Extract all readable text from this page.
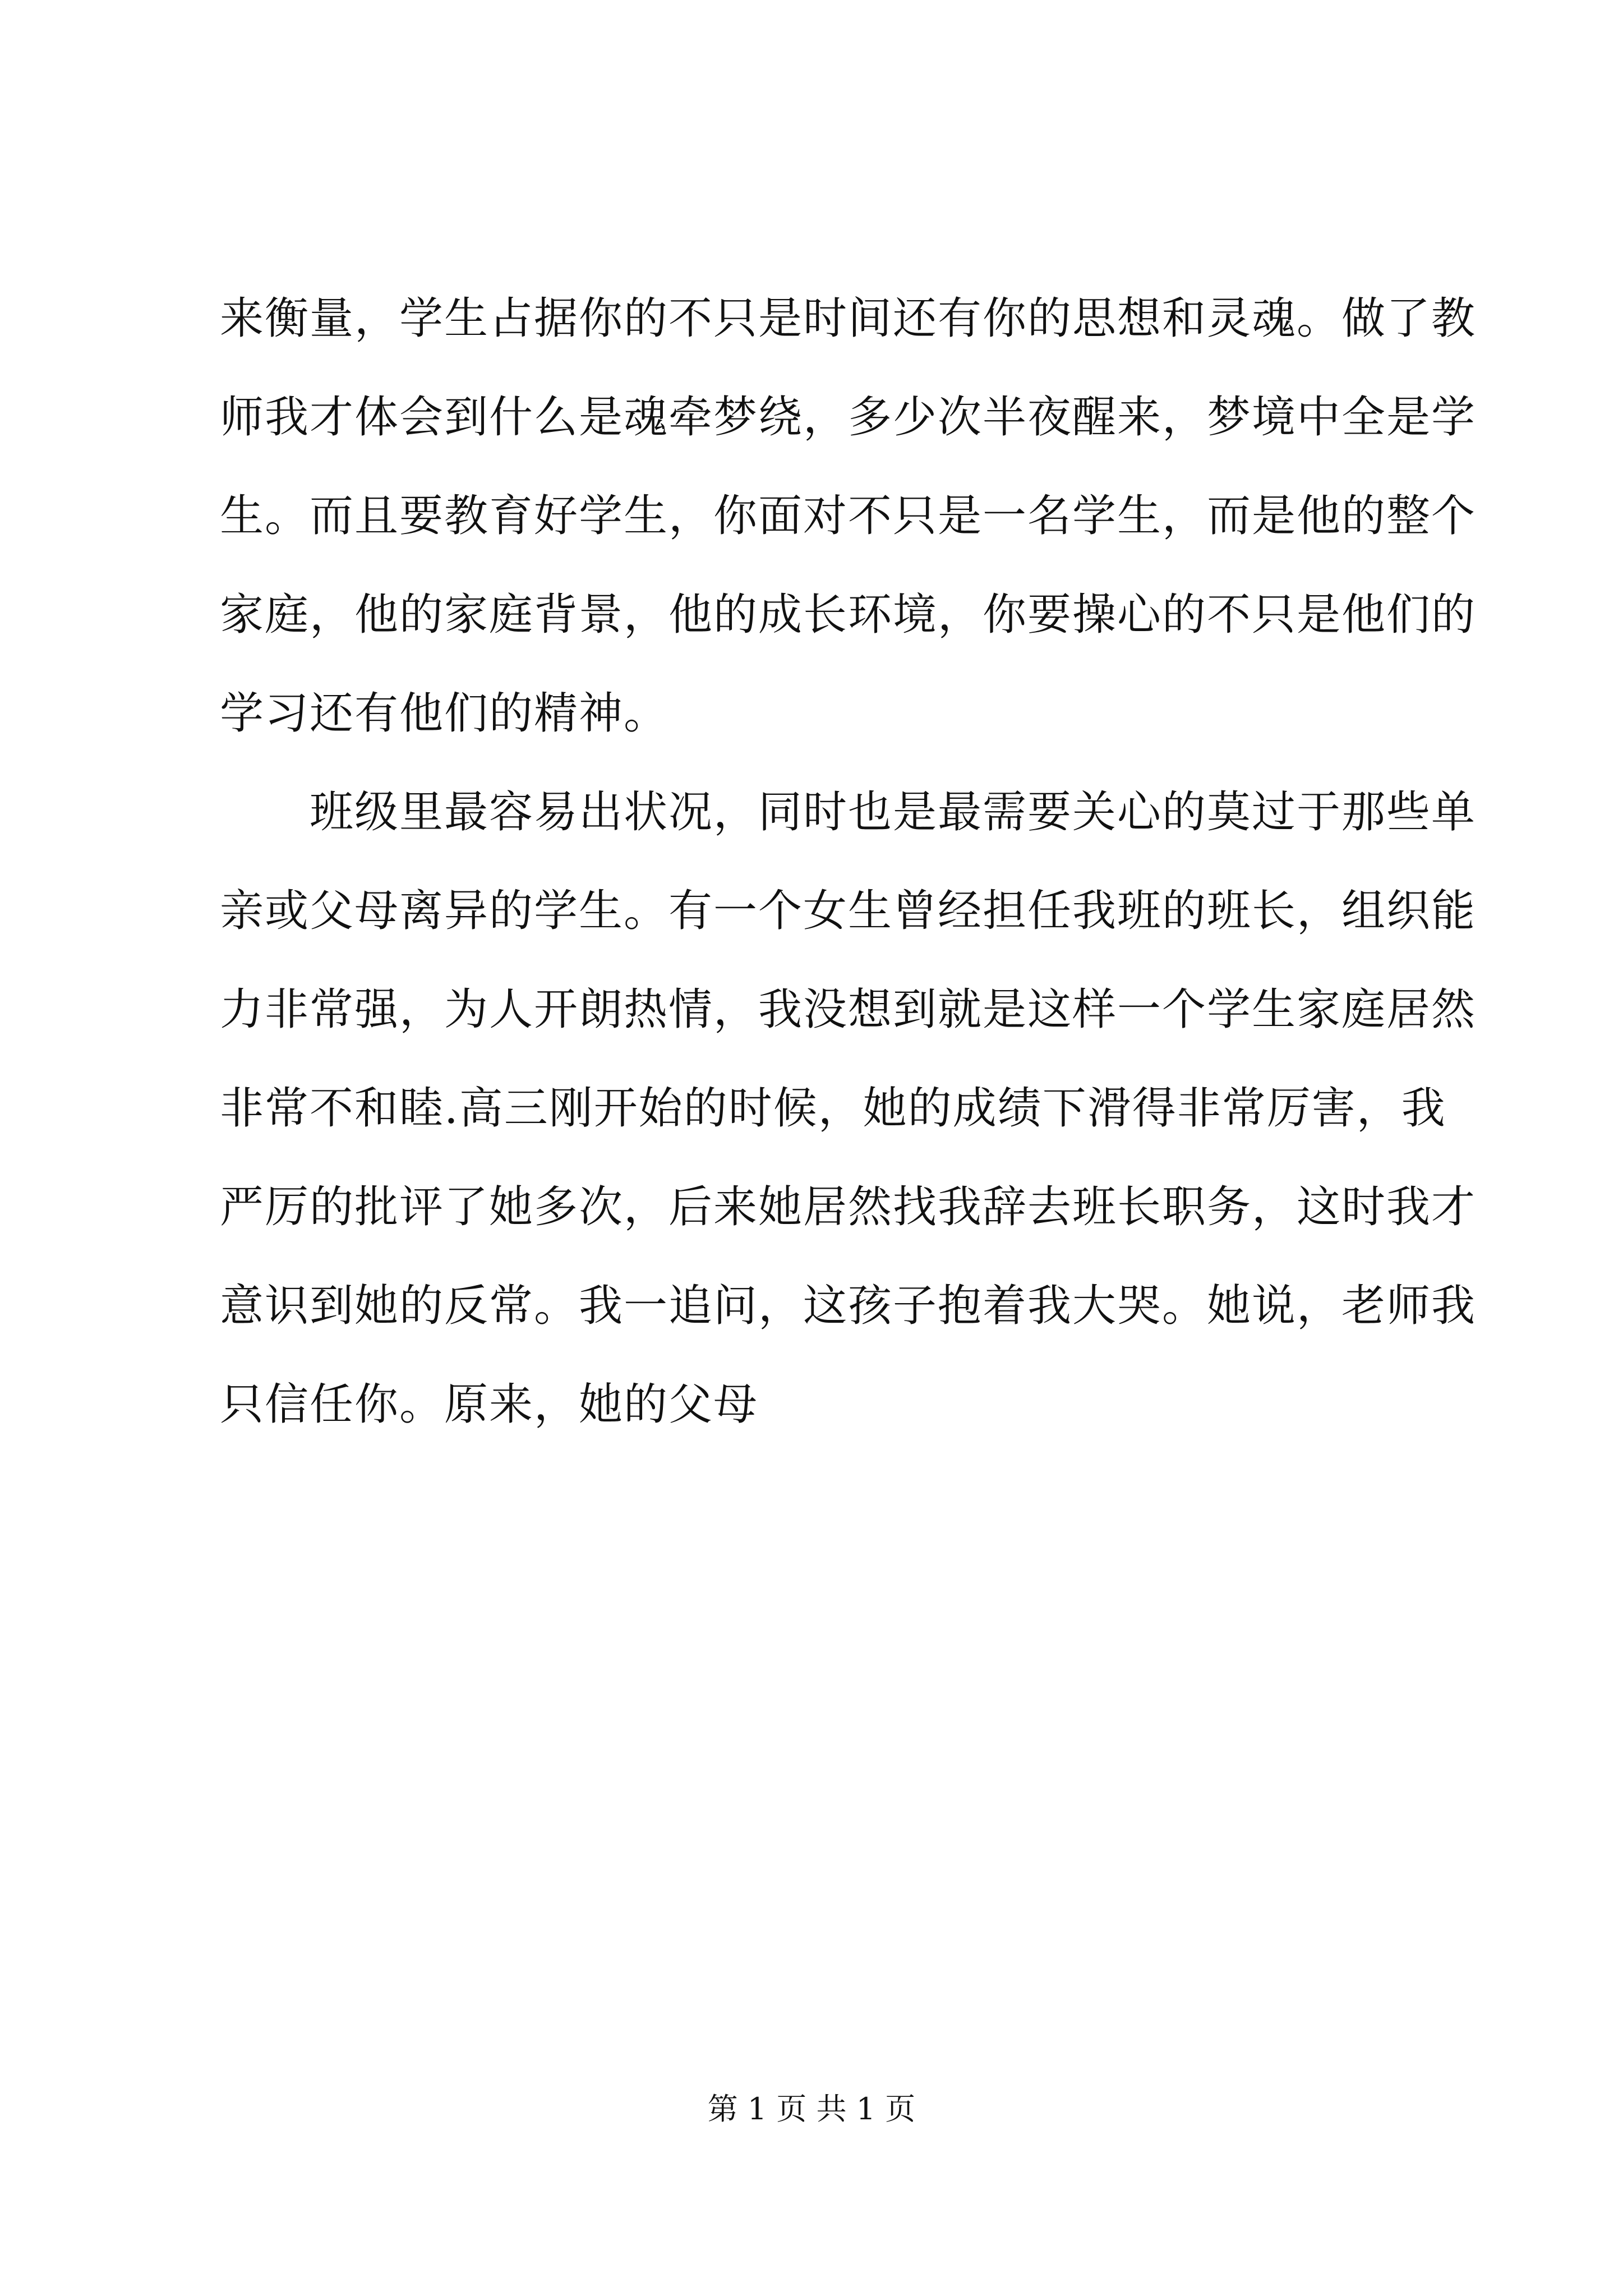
来衡量，学生占据你的不只是时间还有你的思想和灵魂。做了教
师我才体会到什么是魂牵梦绕，多少次半夜醒来，梦境中全是学
生。而且要教育好学生，你面对不只是一名学生，而是他的整个
家庭，他的家庭背景，他的成长环境，你要操心的不只是他们的
学习还有他们的精神。
班级里最容易出状况，同时也是最需要关心的莫过于那些单
亲或父母离异的学生。有一个女生曾经担任我班的班长，组织能
力非常强，为人开朗热情，我没想到就是这样一个学生家庭居然
非常不和睦.高三刚开始的时候，她的成绩下滑得非常厉害，我
严厉的批评了她多次，后来她居然找我辞去班长职务，这时我才
意识到她的反常。我一追问，这孩子抱着我大哭。她说，老师我
只信任你。原来，她的父母
第 1 页 共 1 页
